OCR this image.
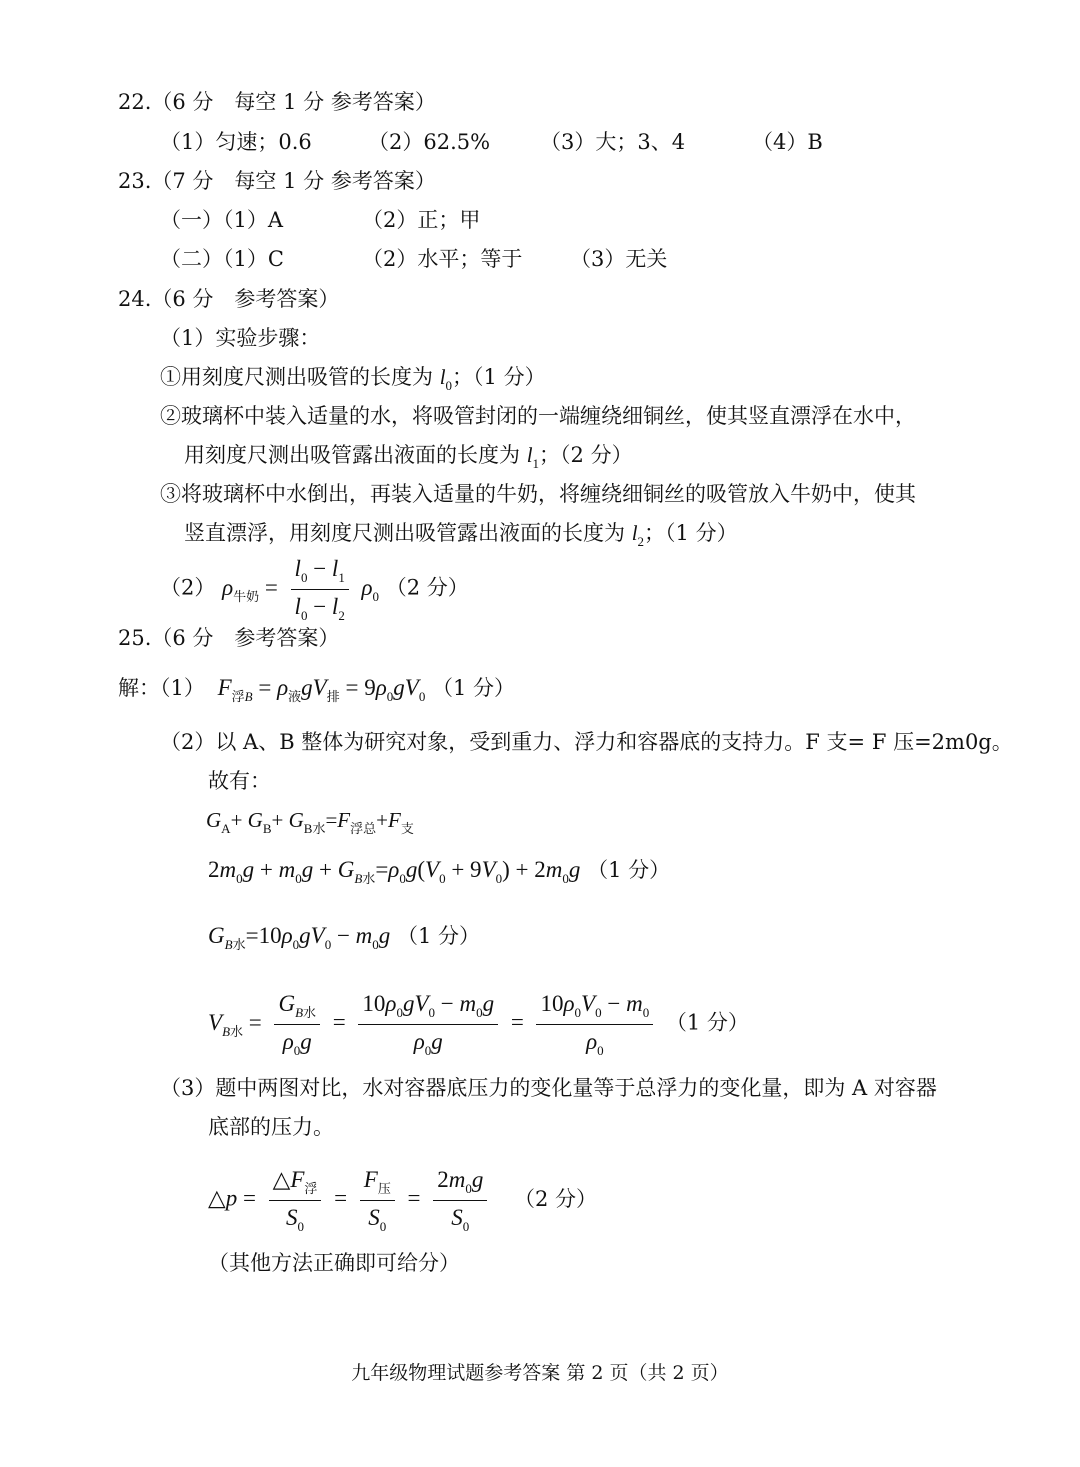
22.（6 分　每空 1 分 参考答案）
（1）匀速；0.6	（2）62.5% （3）大；3、4	（4）B
23.（7 分　每空 1 分 参考答案）
（一）（1）A	（2）正；甲
（二）（1）C	（2）水平；等于 （3）无关
24.（6 分　参考答案）
（1）实验步骤：
①用刻度尺测出吸管的长度为 $l_0$；（1 分）
②玻璃杯中装入适量的水，将吸管封闭的一端缠绕细铜丝，使其竖直漂浮在水中，
用刻度尺测出吸管露出液面的长度为 $l_1$；（2 分）
③将玻璃杯中水倒出，再装入适量的牛奶，将缠绕细铜丝的吸管放入牛奶中，使其
竖直漂浮，用刻度尺测出吸管露出液面的长度为 $l_2$；（1 分）
（2） $\rho_{牛奶} = \frac{l_0 - l_1}{l_0 - l_2} \rho_0$ （2 分）
25.（6 分　参考答案）
解：（1） $F_{浮B} = \rho_液gV_排 = 9\rho_0gV_0$ （1 分）
（2）以 A、B 整体为研究对象，受到重力、浮力和容器底的支持力。F 支= F 压=2m0g。
故有：
$G_A+ G_B+ G_{B水}=F_{浮总}+F_支$
$2m_0g + m_0g + G_{B水}=\rho_0g(V_0 + 9V_0) + 2m_0g$ （1 分）
$G_{B水}=10\rho_0gV_0 - m_0g$ （1 分）
$V_{B水} = \frac{G_{B水}}{\rho_0g} = \frac{10\rho_0gV_0 - m_0g}{\rho_0g} = \frac{10\rho_0V_0 - m_0}{\rho_0} (1$ 分）
（3）题中两图对比，水对容器底压力的变化量等于总浮力的变化量，即为 A 对容器
底部的压力。
△p = $\frac{\triangle F_浮}{S_0} = \frac{F_压}{S_0} = \frac{2m_0g}{S_0} (2$ 分）
（其他方法正确即可给分）
九年级物理试题参考答案 第 2 页（共 2 页）
